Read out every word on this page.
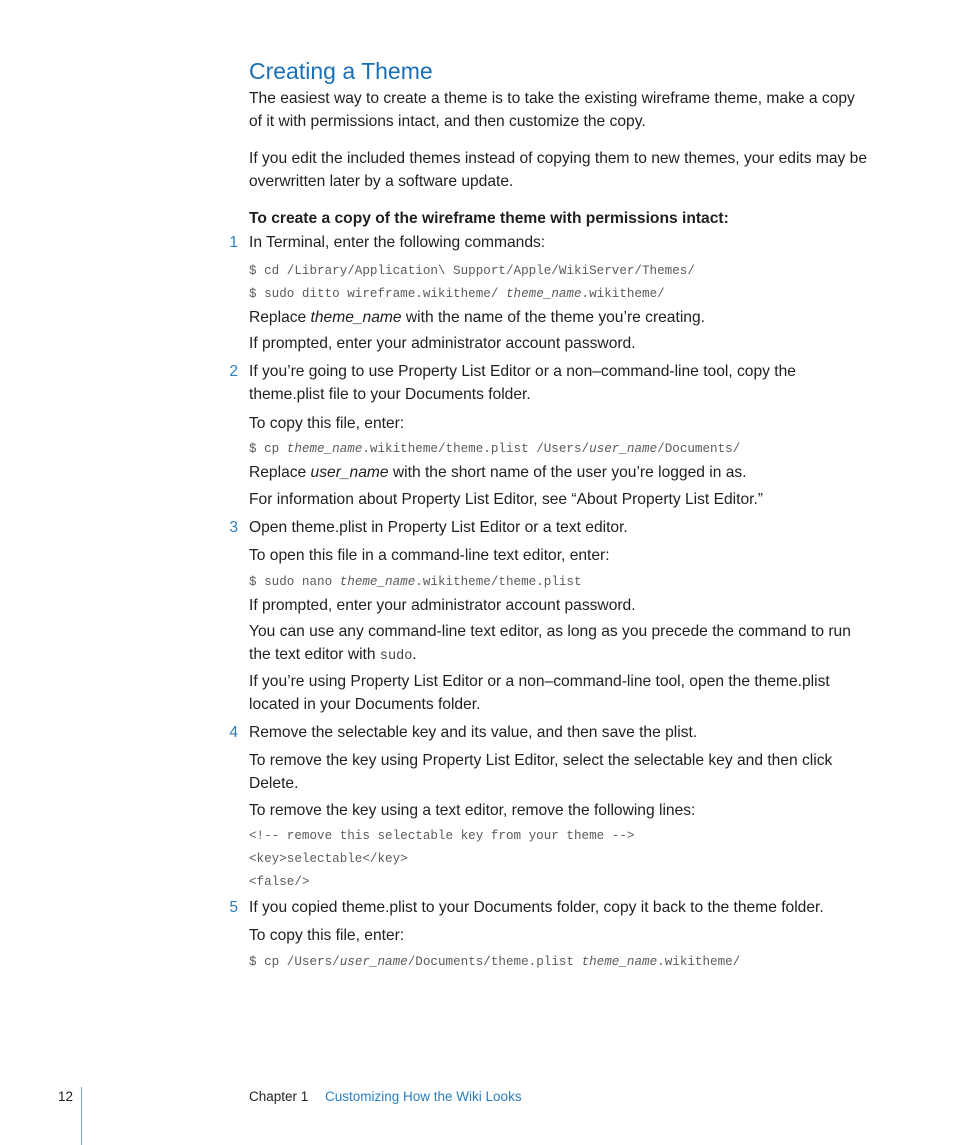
Creating a Theme
The easiest way to create a theme is to take the existing wireframe theme, make a copy of it with permissions intact, and then customize the copy.
If you edit the included themes instead of copying them to new themes, your edits may be overwritten later by a software update.
To create a copy of the wireframe theme with permissions intact:
1 In Terminal, enter the following commands:
$ cd /Library/Application\ Support/Apple/WikiServer/Themes/
$ sudo ditto wireframe.wikitheme/ theme_name.wikitheme/
Replace theme_name with the name of the theme you’re creating.
If prompted, enter your administrator account password.
2 If you’re going to use Property List Editor or a non–command-line tool, copy the theme.plist file to your Documents folder.
To copy this file, enter:
$ cp theme_name.wikitheme/theme.plist /Users/user_name/Documents/
Replace user_name with the short name of the user you’re logged in as.
For information about Property List Editor, see “About Property List Editor.”
3 Open theme.plist in Property List Editor or a text editor.
To open this file in a command-line text editor, enter:
$ sudo nano theme_name.wikitheme/theme.plist
If prompted, enter your administrator account password.
You can use any command-line text editor, as long as you precede the command to run the text editor with sudo.
If you’re using Property List Editor or a non–command-line tool, open the theme.plist located in your Documents folder.
4 Remove the selectable key and its value, and then save the plist.
To remove the key using Property List Editor, select the selectable key and then click Delete.
To remove the key using a text editor, remove the following lines:
<!-- remove this selectable key from your theme -->
<key>selectable</key>
<false/>
5 If you copied theme.plist to your Documents folder, copy it back to the theme folder.
To copy this file, enter:
$ cp /Users/user_name/Documents/theme.plist theme_name.wikitheme/
12	Chapter 1 Customizing How the Wiki Looks
